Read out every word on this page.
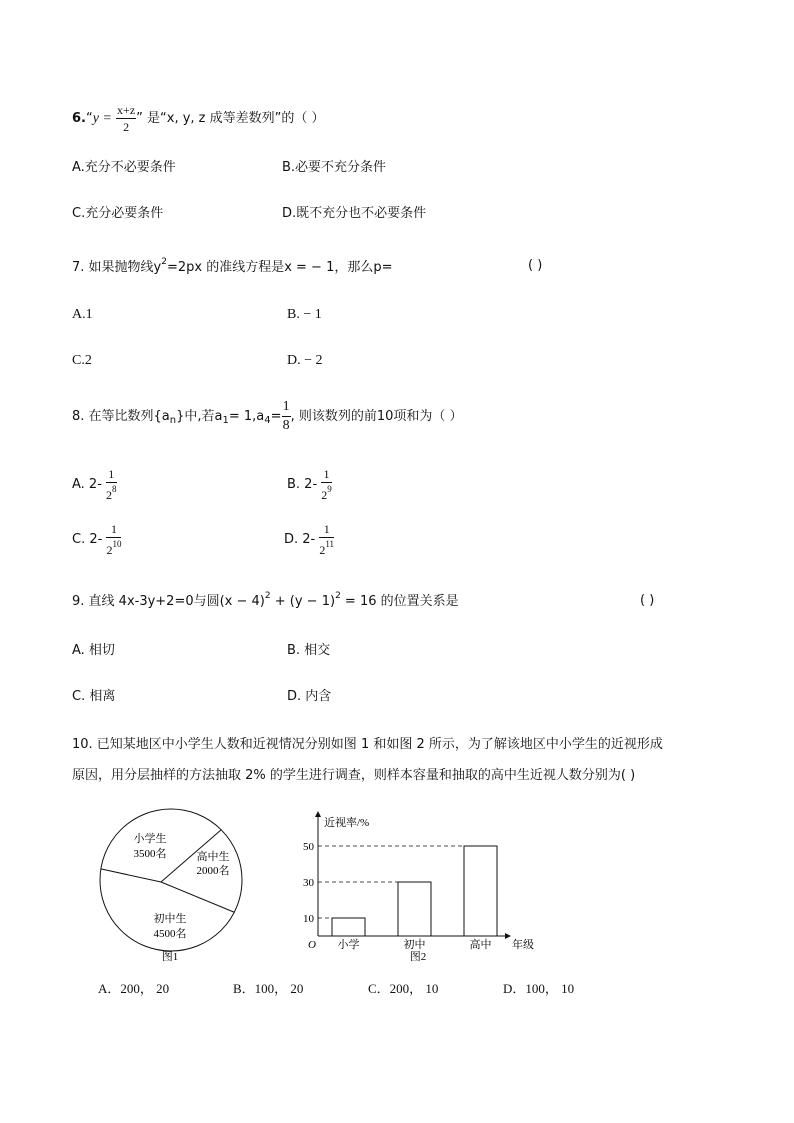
6.“y = $\frac{x+z}{2}$ ” 是“x, y, z 成等差数列”的（ ）
A.充分不必要条件	B.必要不充分条件
C.充分必要条件	D.既不充分也不必要条件
7. 如果抛物线$y^2=2px$ 的准线方程是x = − 1，那么p=	( )
A.1	B. − 1
C.2	D. − 2
8. 在等比数列$\{a_n\}$中,若$a_1= 1,a_4= \frac{1}{8}$ , 则该数列的前10项和为（ ）
A. $2- \frac{1}{2^8}$	B. $2- \frac{1}{2^9}$
C. $2- \frac{1}{2^{10}}$	D. $2- \frac{1}{2^{11}}$
9. 直线 4x-3y+2=0与圆$(x - 4)^2 + (y - 1)^2 = 16$ 的位置关系是	( )
A. 相切	B. 相交
C. 相离	D. 内含
10. 已知某地区中小学生人数和近视情况分别如图 1 和如图 2 所示，为了解该地区中小学生的近视形成
原因，用分层抽样的方法抽取 2% 的学生进行调查，则样本容量和抽取的高中生近视人数分别为( )
小学生
3500名	高中生
2000名
初中生
4500名
图1
近视率/%
年级
O
10
小学
30
初中
50
高中
图2
A．200， 20	B．100， 20	C．200， 10	D．100， 10
